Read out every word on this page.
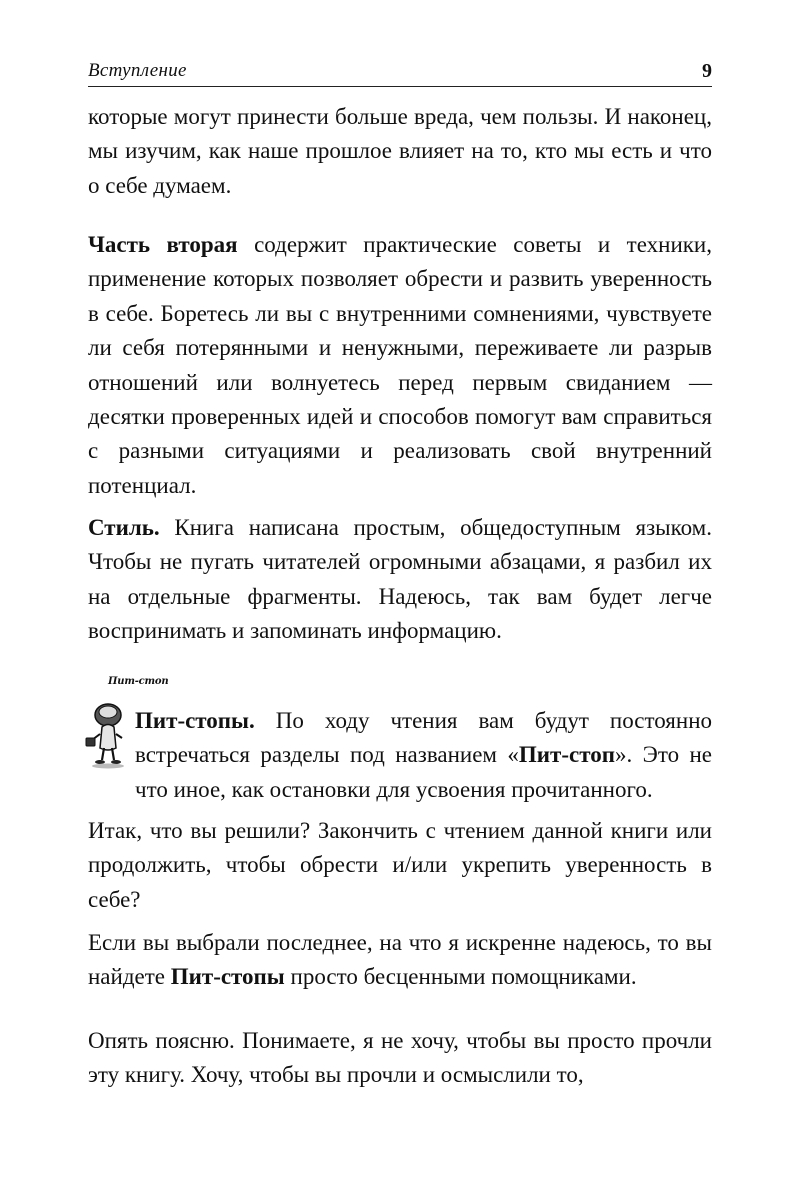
Вступление	9

которые могут принести больше вреда, чем пользы. И наконец, мы изучим, как наше прошлое влияет на то, кто мы есть и что о себе думаем.

Часть вторая содержит практические советы и техники, применение которых позволяет обрести и развить уверенность в себе. Боретесь ли вы с внутренними сомнениями, чувствуете ли себя потерянными и ненужными, переживаете ли разрыв отношений или волнуетесь перед первым свиданием — десятки проверенных идей и способов помогут вам справиться с разными ситуациями и реализовать свой внутренний потенциал.

Стиль. Книга написана простым, общедоступным языком. Чтобы не пугать читателей огромными абзацами, я разбил их на отдельные фрагменты. Надеюсь, так вам будет легче воспринимать и запоминать информацию.

Пит-стоп

Пит-стопы. По ходу чтения вам будут постоянно встречаться разделы под названием «Пит-стоп». Это не что иное, как остановки для усвоения прочитанного.

Итак, что вы решили? Закончить с чтением данной книги или продолжить, чтобы обрести и/или укрепить уверенность в себе?

Если вы выбрали последнее, на что я искренне надеюсь, то вы найдете Пит-стопы просто бесценными помощниками.

Опять поясню. Понимаете, я не хочу, чтобы вы просто прочли эту книгу. Хочу, чтобы вы прочли и осмыслили то,
